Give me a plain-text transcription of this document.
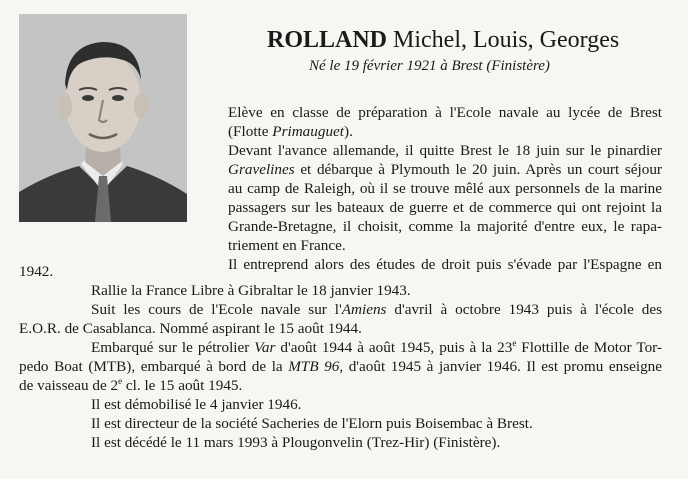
ROLLAND Michel, Louis, Georges
Né le 19 février 1921 à Brest (Finistère)
Elève en classe de préparation à l'Ecole navale au lycée de Brest
(Flotte Primauguet).
Devant l'avance allemande, il quitte Brest le 18 juin sur le pinardier
Gravelines et débarque à Plymouth le 20 juin. Après un court séjour
au camp de Raleigh, où il se trouve mêlé aux personnels de la marine
passagers sur les bateaux de guerre et de commerce qui ont rejoint la
Grande-Bretagne, il choisit, comme la majorité d'entre eux, le rapa-
triement en France.
Il entreprend alors des études de droit puis s'évade par l'Espagne en
1942.
Rallie la France Libre à Gibraltar le 18 janvier 1943.
Suit les cours de l'Ecole navale sur l'Amiens d'avril à octobre 1943 puis à l'école des
E.O.R. de Casablanca. Nommé aspirant le 15 août 1944.
Embarqué sur le pétrolier Var d'août 1944 à août 1945, puis à la 23e Flottille de Motor Tor-
pedo Boat (MTB), embarqué à bord de la MTB 96, d'août 1945 à janvier 1946. Il est promu enseigne
de vaisseau de 2e cl. le 15 août 1945.
Il est démobilisé le 4 janvier 1946.
Il est directeur de la société Sacheries de l'Elorn puis Boisembac à Brest.
Il est décédé le 11 mars 1993 à Plougonvelin (Trez-Hir) (Finistère).
